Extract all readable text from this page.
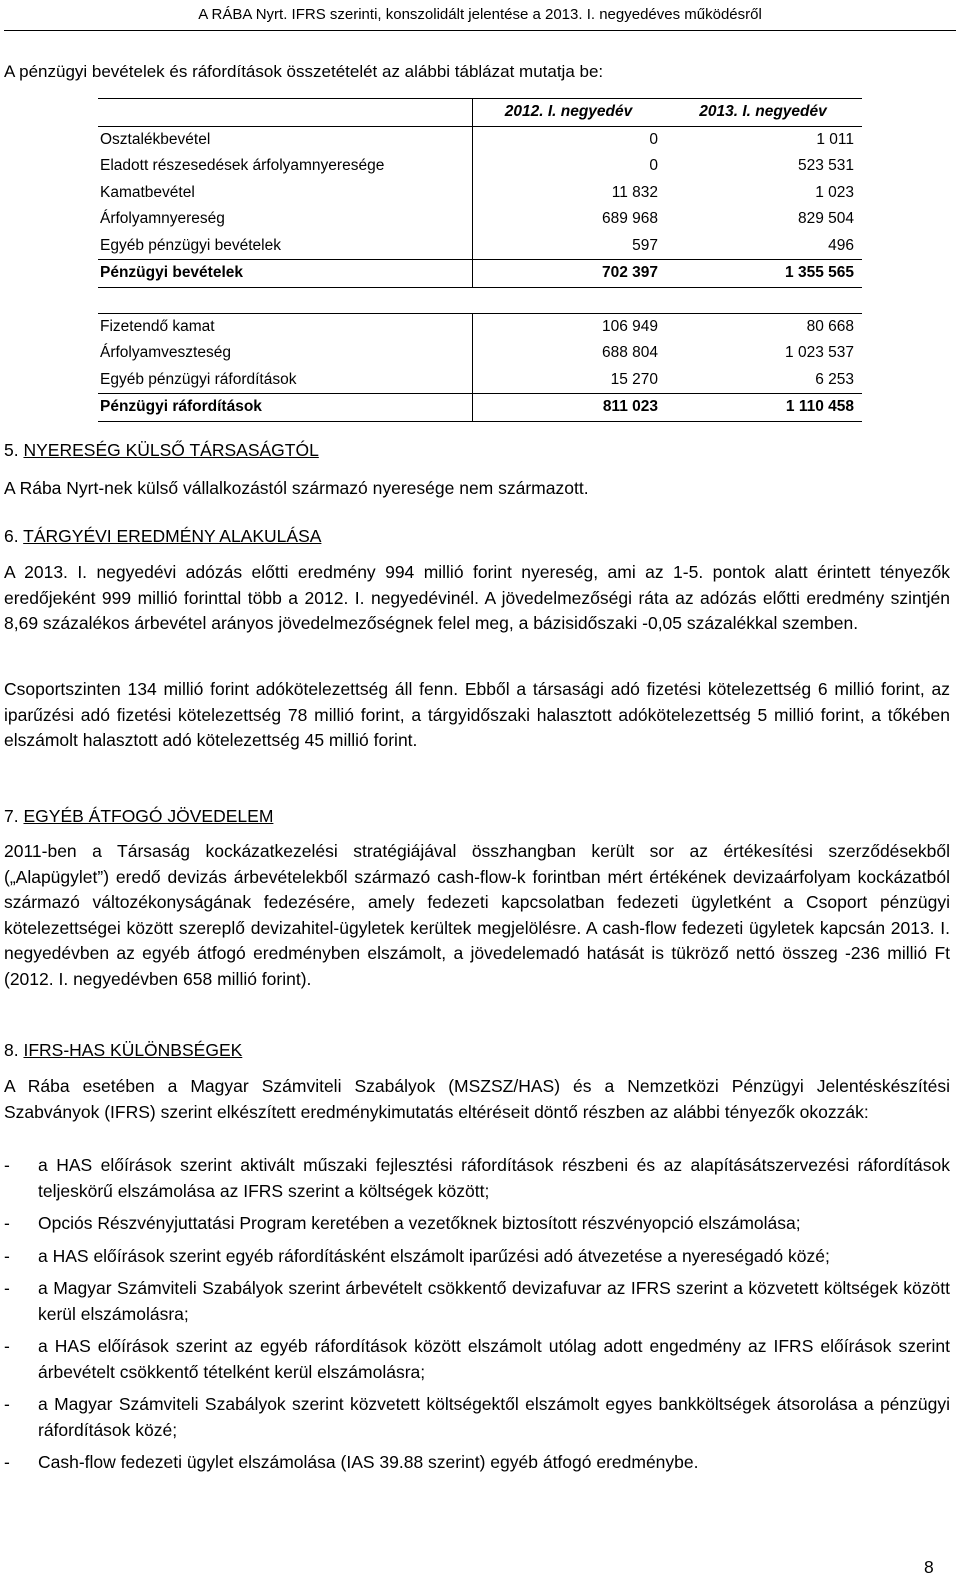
A RÁBA Nyrt. IFRS szerinti, konszolidált jelentése a 2013. I. negyedéves működésről
A pénzügyi bevételek és ráfordítások összetételét az alábbi táblázat mutatja be:
	2012. I. negyedév	2013. I. negyedév
Osztalékbevétel	0	1 011
Eladott részesedések árfolyamnyeresége	0	523 531
Kamatbevétel	11 832	1 023
Árfolyamnyereség	689 968	829 504
Egyéb pénzügyi bevételek	597	496
Pénzügyi bevételek	702 397	1 355 565

Fizetendő kamat	106 949	80 668
Árfolyamveszteség	688 804	1 023 537
Egyéb pénzügyi ráfordítások	15 270	6 253
Pénzügyi ráfordítások	811 023	1 110 458
5. NYERESÉG KÜLSŐ TÁRSASÁGTÓL

A Rába Nyrt-nek külső vállalkozástól származó nyeresége nem származott.

6. TÁRGYÉVI EREDMÉNY ALAKULÁSA

A 2013. I. negyedévi adózás előtti eredmény 994 millió forint nyereség, ami az 1-5. pontok alatt érintett tényezők eredőjeként 999 millió forinttal több a 2012. I. negyedévinél. A jövedelmezőségi ráta az adózás előtti eredmény szintjén 8,69 százalékos árbevétel arányos jövedelmezőségnek felel meg, a bázisidőszaki -0,05 százalékkal szemben.

Csoportszinten 134 millió forint adókötelezettség áll fenn. Ebből a társasági adó fizetési kötelezettség 6 millió forint, az iparűzési adó fizetési kötelezettség 78 millió forint, a tárgyidőszaki halasztott adókötelezettség 5 millió forint, a tőkében elszámolt halasztott adó kötelezettség 45 millió forint.

7. EGYÉB ÁTFOGÓ JÖVEDELEM

2011-ben a Társaság kockázatkezelési stratégiájával összhangban került sor az értékesítési szerződésekből („Alapügylet”) eredő devizás árbevételekből származó cash-flow-k forintban mért értékének devizaárfolyam kockázatból származó változékonyságának fedezésére, amely fedezeti kapcsolatban fedezeti ügyletként a Csoport pénzügyi kötelezettségei között szereplő devizahitel-ügyletek kerültek megjelölésre. A cash-flow fedezeti ügyletek kapcsán 2013. I. negyedévben az egyéb átfogó eredményben elszámolt, a jövedelemadó hatását is tükröző nettó összeg -236 millió Ft (2012. I. negyedévben 658 millió forint).

8. IFRS-HAS KÜLÖNBSÉGEK

A Rába esetében a Magyar Számviteli Szabályok (MSZSZ/HAS) és a Nemzetközi Pénzügyi Jelentéskészítési Szabványok (IFRS) szerint elkészített eredménykimutatás eltéréseit döntő részben az alábbi tényezők okozzák:

- a HAS előírások szerint aktivált műszaki fejlesztési ráfordítások részbeni és az alapításátszervezési ráfordítások teljeskörű elszámolása az IFRS szerint a költségek között;
- Opciós Részvényjuttatási Program keretében a vezetőknek biztosított részvényopció elszámolása;
- a HAS előírások szerint egyéb ráfordításként elszámolt iparűzési adó átvezetése a nyereségadó közé;
- a Magyar Számviteli Szabályok szerint árbevételt csökkentő devizafuvar az IFRS szerint a közvetett költségek között kerül elszámolásra;
- a HAS előírások szerint az egyéb ráfordítások között elszámolt utólag adott engedmény az IFRS előírások szerint árbevételt csökkentő tételként kerül elszámolásra;
- a Magyar Számviteli Szabályok szerint közvetett költségektől elszámolt egyes bankköltségek átsorolása a pénzügyi ráfordítások közé;
- Cash-flow fedezeti ügylet elszámolása (IAS 39.88 szerint) egyéb átfogó eredménybe.
8
